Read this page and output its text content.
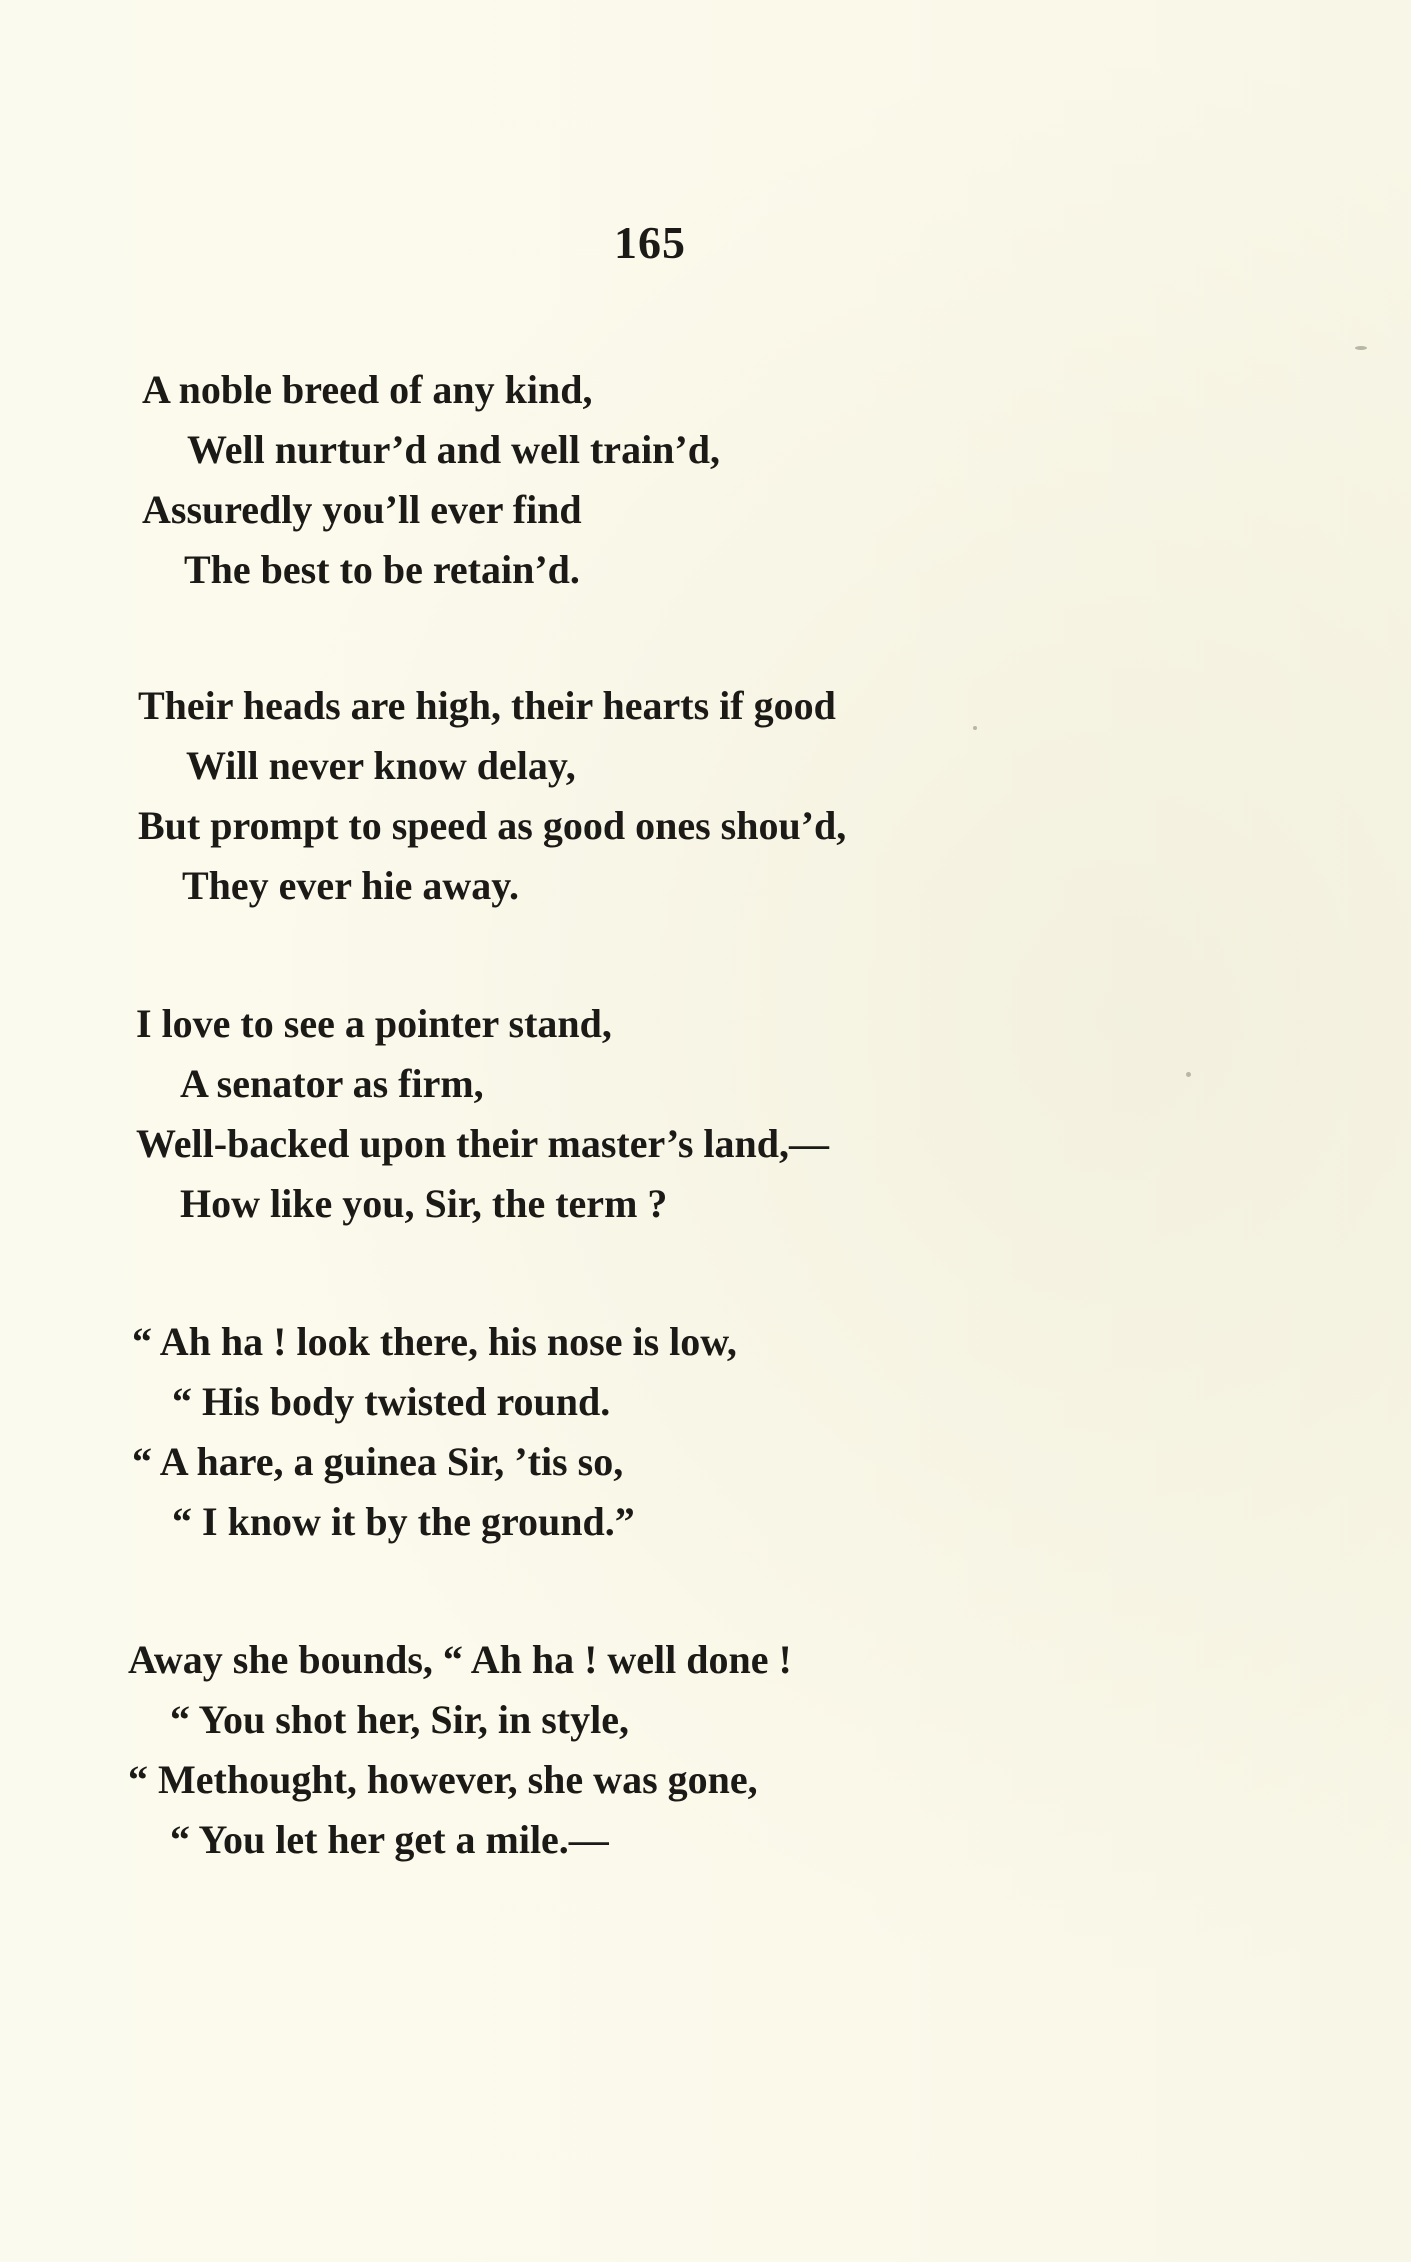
165
A noble breed of any kind,
Well nurtur’d and well train’d,
Assuredly you’ll ever find
The best to be retain’d.
Their heads are high, their hearts if good
Will never know delay,
But prompt to speed as good ones shou’d,
They ever hie away.
I love to see a pointer stand,
A senator as firm,
Well-backed upon their master’s land,—
How like you, Sir, the term ?
“ Ah ha ! look there, his nose is low,
“ His body twisted round.
“ A hare, a guinea Sir, ’tis so,
“ I know it by the ground.”
Away she bounds, “ Ah ha ! well done !
“ You shot her, Sir, in style,
“ Methought, however, she was gone,
“ You let her get a mile.—
